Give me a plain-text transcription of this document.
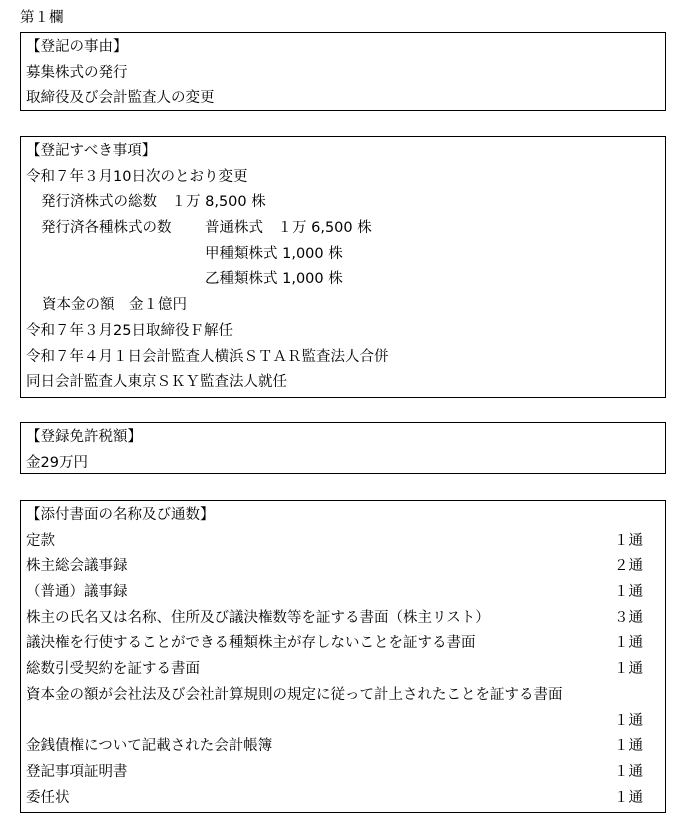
第１欄
【登記の事由】
募集株式の発行
取締役及び会計監査人の変更
【登記すべき事項】
令和７年３月10日次のとおり変更
発行済株式の総数　１万 8,500 株
発行済各種株式の数 普通株式　１万 6,500 株
甲種類株式 1,000 株
乙種類株式 1,000 株
資本金の額　金１億円
令和７年３月25日取締役Ｆ解任
令和７年４月１日会計監査人横浜ＳＴＡＲ監査法人合併
同日会計監査人東京ＳＫＹ監査法人就任
【登録免許税額】
金29万円
【添付書面の名称及び通数】
定款	１通
株主総会議事録	２通
（普通）議事録	１通
株主の氏名又は名称、住所及び議決権数等を証する書面（株主リスト）	３通
議決権を行使することができる種類株主が存しないことを証する書面	１通
総数引受契約を証する書面	１通
資本金の額が会社法及び会社計算規則の規定に従って計上されたことを証する書面
１通
金銭債権について記載された会計帳簿	１通
登記事項証明書	１通
委任状	１通
